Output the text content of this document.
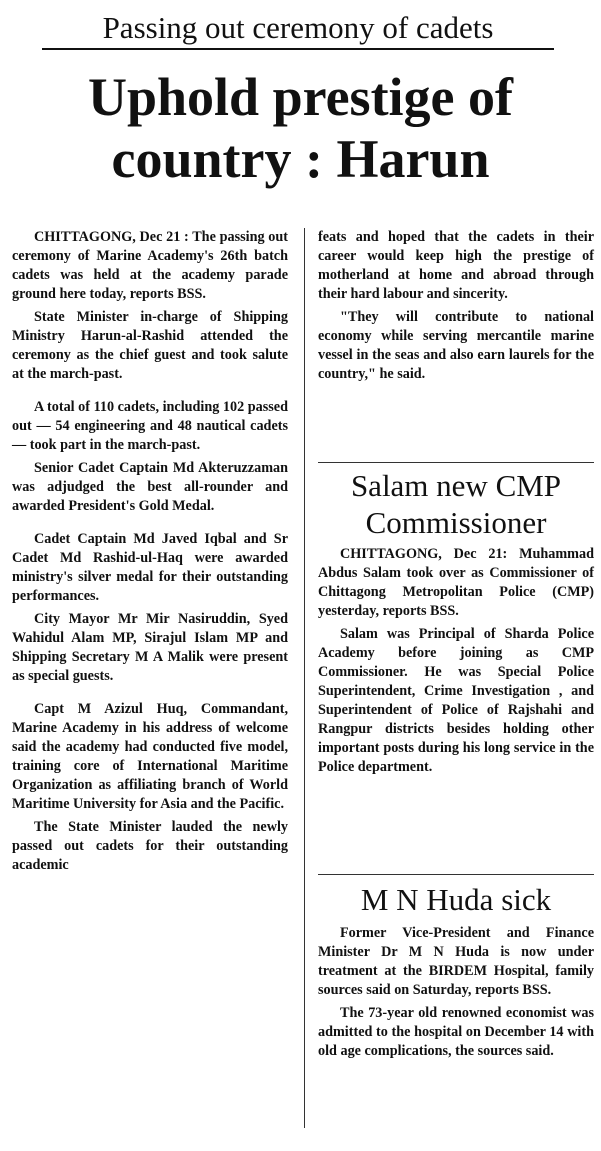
Passing out ceremony of cadets
Uphold prestige of
country : Harun

CHITTAGONG, Dec 21 : The passing out ceremony of Marine Academy's 26th batch cadets was held at the academy parade ground here today, reports BSS.

State Minister in-charge of Shipping Ministry Harun-al-Rashid attended the ceremony as the chief guest and took salute at the march-past.

A total of 110 cadets, including 102 passed out — 54 engineering and 48 nautical cadets — took part in the march-past.

Senior Cadet Captain Md Akteruzzaman was adjudged the best all-rounder and awarded President's Gold Medal.

Cadet Captain Md Javed Iqbal and Sr Cadet Md Rashid-ul-Haq were awarded ministry's silver medal for their outstanding performances.

City Mayor Mr Mir Nasiruddin, Syed Wahidul Alam MP, Sirajul Islam MP and Shipping Secretary M A Malik were present as special guests.

Capt M Azizul Huq, Commandant, Marine Academy in his address of welcome said the academy had conducted five model, training core of International Maritime Organization as affiliating branch of World Maritime University for Asia and the Pacific.

The State Minister lauded the newly passed out cadets for their outstanding academic

feats and hoped that the cadets in their career would keep high the prestige of motherland at home and abroad through their hard labour and sincerity.

"They will contribute to national economy while serving mercantile marine vessel in the seas and also earn laurels for the country," he said.

Salam new CMP
Commissioner

CHITTAGONG, Dec 21: Muhammad Abdus Salam took over as Commissioner of Chittagong Metropolitan Police (CMP) yesterday, reports BSS.

Salam was Principal of Sharda Police Academy before joining as CMP Commissioner. He was Special Police Superintendent, Crime Investigation , and Superintendent of Police of Rajshahi and Rangpur districts besides holding other important posts during his long service in the Police department.

M N Huda sick

Former Vice-President and Finance Minister Dr M N Huda is now under treatment at the BIRDEM Hospital, family sources said on Saturday, reports BSS.

The 73-year old renowned economist was admitted to the hospital on December 14 with old age complications, the sources said.
